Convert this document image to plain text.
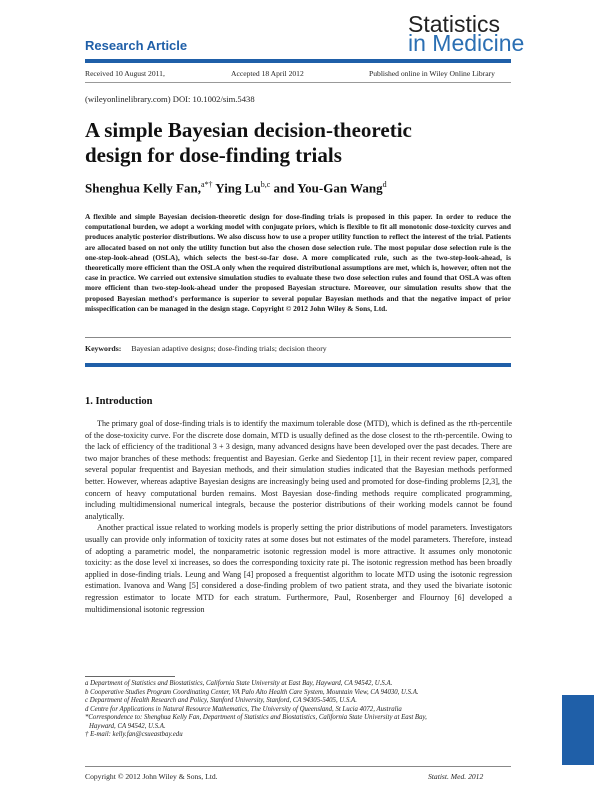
Research Article
Statistics
in Medicine
Received 10 August 2011,	Accepted 18 April 2012	Published online in Wiley Online Library
(wileyonlinelibrary.com) DOI: 10.1002/sim.5438
A simple Bayesian decision-theoretic
design for dose-finding trials
Shenghua Kelly Fan,$^{a*\dagger}$ Ying Lu$^{b,c}$ and You-Gan Wang$^d$
A flexible and simple Bayesian decision-theoretic design for dose-finding trials is proposed in this paper. In order to reduce the computational burden, we adopt a working model with conjugate priors, which is flexible to fit all monotonic dose-toxicity curves and produces analytic posterior distributions. We also discuss how to use a proper utility function to reflect the interest of the trial. Patients are allocated based on not only the utility function but also the chosen dose selection rule. The most popular dose selection rule is the one-step-look-ahead (OSLA), which selects the best-so-far dose. A more complicated rule, such as the two-step-look-ahead, is theoretically more efficient than the OSLA only when the required distributional assumptions are met, which is, however, often not the case in practice. We carried out extensive simulation studies to evaluate these two dose selection rules and found that OSLA was often more efficient than two-step-look-ahead under the proposed Bayesian structure. Moreover, our simulation results show that the proposed Bayesian method's performance is superior to several popular Bayesian methods and that the negative impact of prior misspecification can be managed in the design stage. Copyright © 2012 John Wiley & Sons, Ltd.
Keywords: Bayesian adaptive designs; dose-finding trials; decision theory
1. Introduction

The primary goal of dose-finding trials is to identify the maximum tolerable dose (MTD), which is defined as the rth-percentile of the dose-toxicity curve. For the discrete dose domain, MTD is usually defined as the dose closest to the rth-percentile. Owing to the lack of efficiency of the traditional 3 + 3 design, many advanced designs have been developed over the past decades. There are two major branches of these methods: frequentist and Bayesian. Gerke and Siedentop [1], in their recent review paper, compared several popular frequentist and Bayesian methods, and their simulation studies indicated that the Bayesian methods performed better. However, whereas adaptive Bayesian designs are increasingly being used and promoted for dose-finding problems [2,3], the concern of heavy computational burden remains. Most Bayesian dose-finding methods require complicated programming, including multidimensional numerical integrals, because the posterior distributions of their working models cannot be found analytically.

Another practical issue related to working models is properly setting the prior distributions of model parameters. Investigators usually can provide only information of toxicity rates at some doses but not estimates of the model parameters. Therefore, instead of adopting a parametric model, the nonparametric isotonic regression model is more attractive. It assumes only monotonic toxicity: as the dose level xi increases, so does the corresponding toxicity rate pi. The isotonic regression method has been broadly applied in dose-finding trials. Leung and Wang [4] proposed a frequentist algorithm to locate MTD using the isotonic regression estimation. Ivanova and Wang [5] considered a dose-finding problem of two patient strata, and they used the bivariate isotonic regression estimator to locate MTD for each stratum. Furthermore, Paul, Rosenberger and Flournoy [6] developed a multidimensional isotonic regression

a Department of Statistics and Biostatistics, California State University at East Bay, Hayward, CA 94542, U.S.A.
b Cooperative Studies Program Coordinating Center, VA Palo Alto Health Care System, Mountain View, CA 94030, U.S.A.
c Department of Health Research and Policy, Stanford University, Stanford, CA 94305-5405, U.S.A.
d Centre for Applications in Natural Resource Mathematics, The University of Queensland, St Lucia 4072, Australia
*Correspondence to: Shenghua Kelly Fan, Department of Statistics and Biostatistics, California State University at East Bay,
Hayward, CA 94542, U.S.A.
† E-mail: kelly.fan@csueastbay.edu
Copyright © 2012 John Wiley & Sons, Ltd.	Statist. Med. 2012
